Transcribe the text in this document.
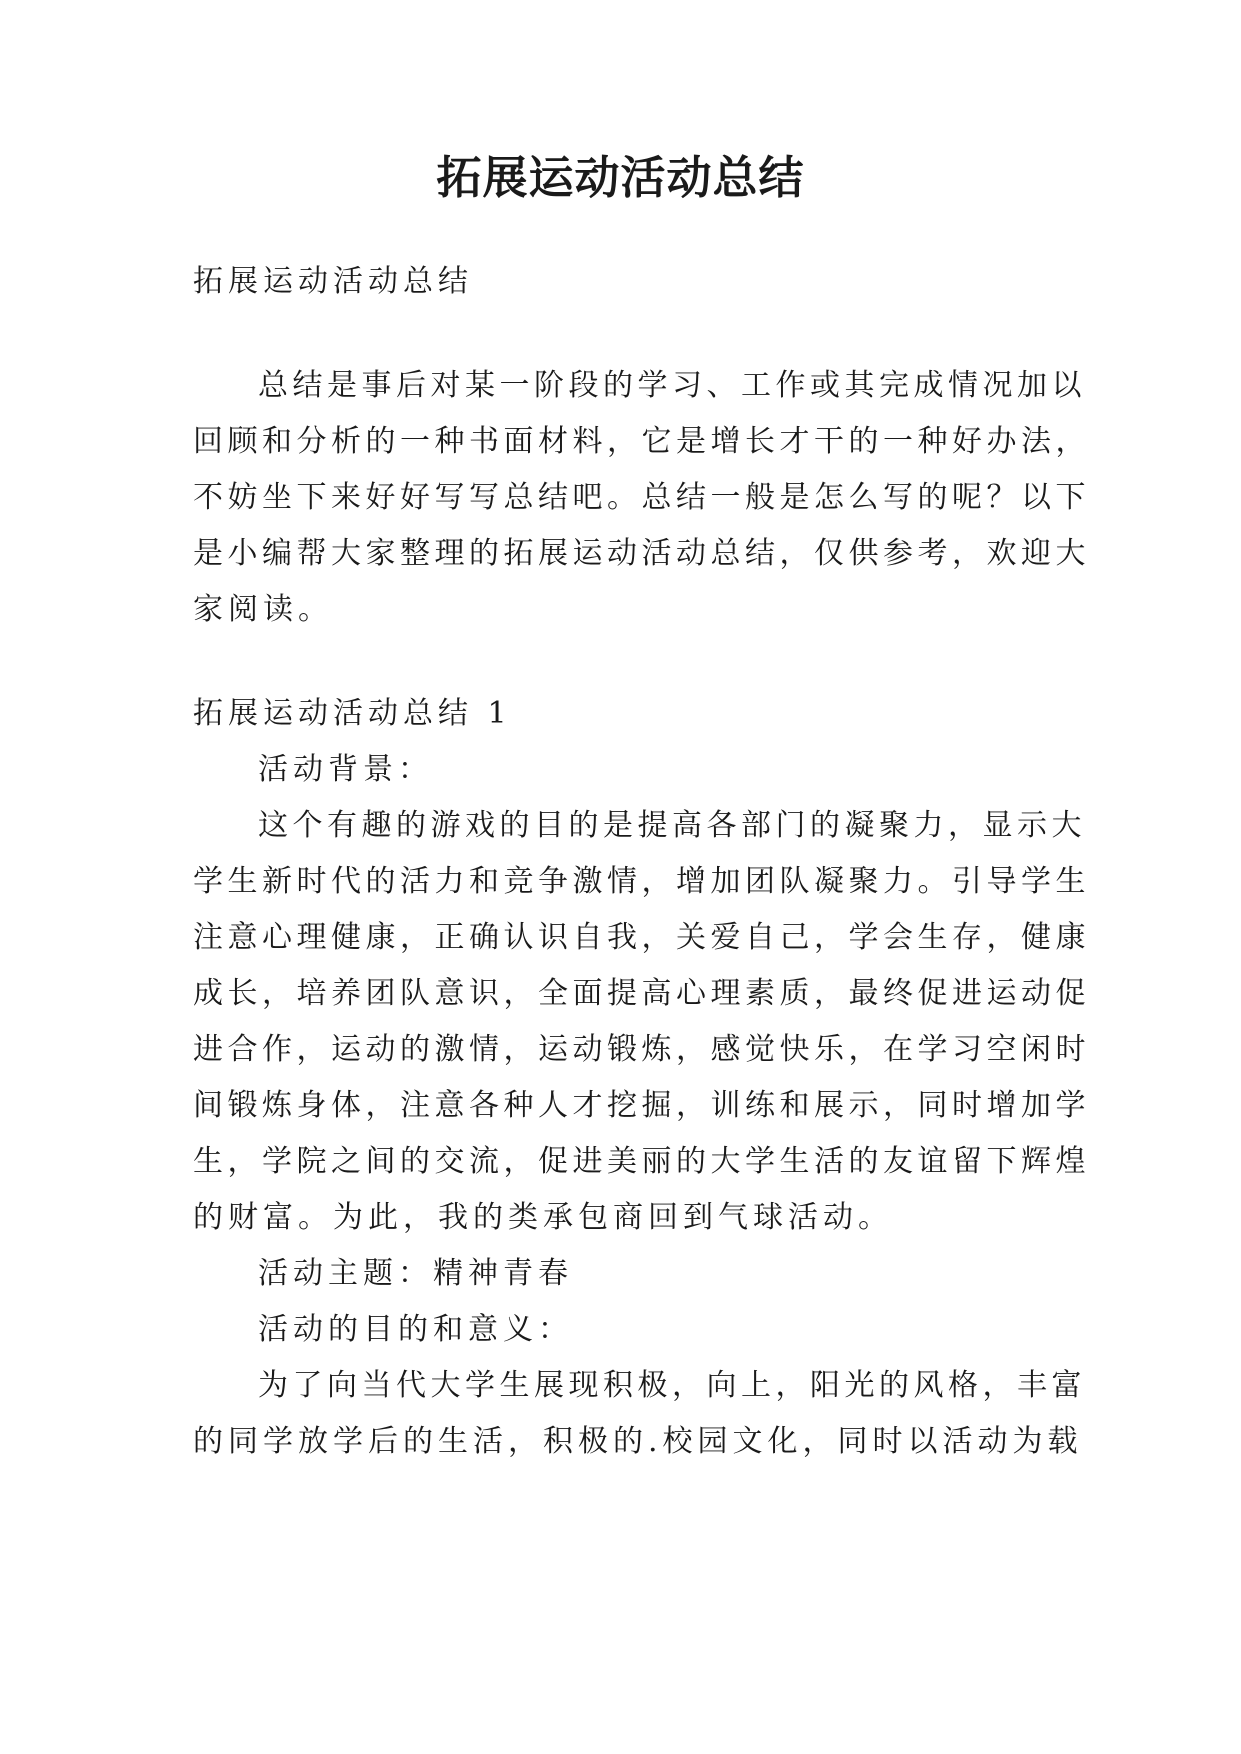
拓展运动活动总结

拓展运动活动总结

总结是事后对某一阶段的学习、工作或其完成情况加以

回顾和分析的一种书面材料，它是增长才干的一种好办法，

不妨坐下来好好写写总结吧。总结一般是怎么写的呢？以下

是小编帮大家整理的拓展运动活动总结，仅供参考，欢迎大

家阅读。

拓展运动活动总结 1

活动背景：

这个有趣的游戏的目的是提高各部门的凝聚力，显示大

学生新时代的活力和竞争激情，增加团队凝聚力。引导学生

注意心理健康，正确认识自我，关爱自己，学会生存，健康

成长，培养团队意识，全面提高心理素质，最终促进运动促

进合作，运动的激情，运动锻炼，感觉快乐，在学习空闲时

间锻炼身体，注意各种人才挖掘，训练和展示，同时增加学

生，学院之间的交流，促进美丽的大学生活的友谊留下辉煌

的财富。为此，我的类承包商回到气球活动。

活动主题：精神青春

活动的目的和意义：

为了向当代大学生展现积极，向上，阳光的风格，丰富

的同学放学后的生活，积极的.校园文化，同时以活动为载
